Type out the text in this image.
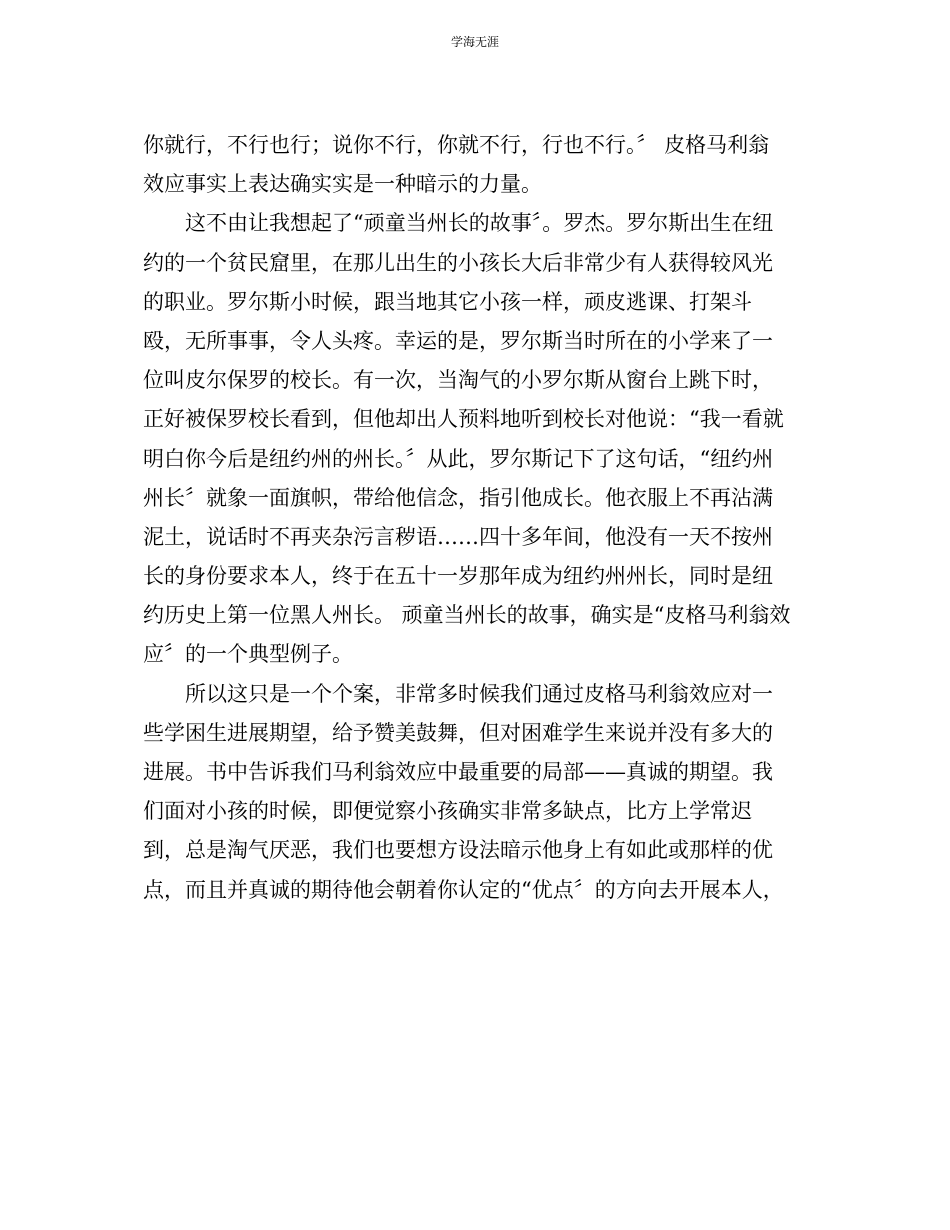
学海无涯
你就行，不行也行；说你不行，你就不行，行也不行。〞 皮格马利翁
效应事实上表达确实实是一种暗示的力量。
　　这不由让我想起了“顽童当州长的故事〞。罗杰。罗尔斯出生在纽
约的一个贫民窟里，在那儿出生的小孩长大后非常少有人获得较风光
的职业。罗尔斯小时候，跟当地其它小孩一样，顽皮逃课、打架斗
殴，无所事事，令人头疼。幸运的是，罗尔斯当时所在的小学来了一
位叫皮尔保罗的校长。有一次，当淘气的小罗尔斯从窗台上跳下时，
正好被保罗校长看到，但他却出人预料地听到校长对他说：“我一看就
明白你今后是纽约州的州长。〞从此，罗尔斯记下了这句话，“纽约州
州长〞就象一面旗帜，带给他信念，指引他成长。他衣服上不再沾满
泥土，说话时不再夹杂污言秽语……四十多年间，他没有一天不按州
长的身份要求本人，终于在五十一岁那年成为纽约州州长，同时是纽
约历史上第一位黑人州长。 顽童当州长的故事，确实是“皮格马利翁效
应〞的一个典型例子。
　　所以这只是一个个案，非常多时候我们通过皮格马利翁效应对一
些学困生进展期望，给予赞美鼓舞，但对困难学生来说并没有多大的
进展。书中告诉我们马利翁效应中最重要的局部——真诚的期望。我
们面对小孩的时候，即便觉察小孩确实非常多缺点，比方上学常迟
到，总是淘气厌恶，我们也要想方设法暗示他身上有如此或那样的优
点，而且并真诚的期待他会朝着你认定的“优点〞的方向去开展本人，
